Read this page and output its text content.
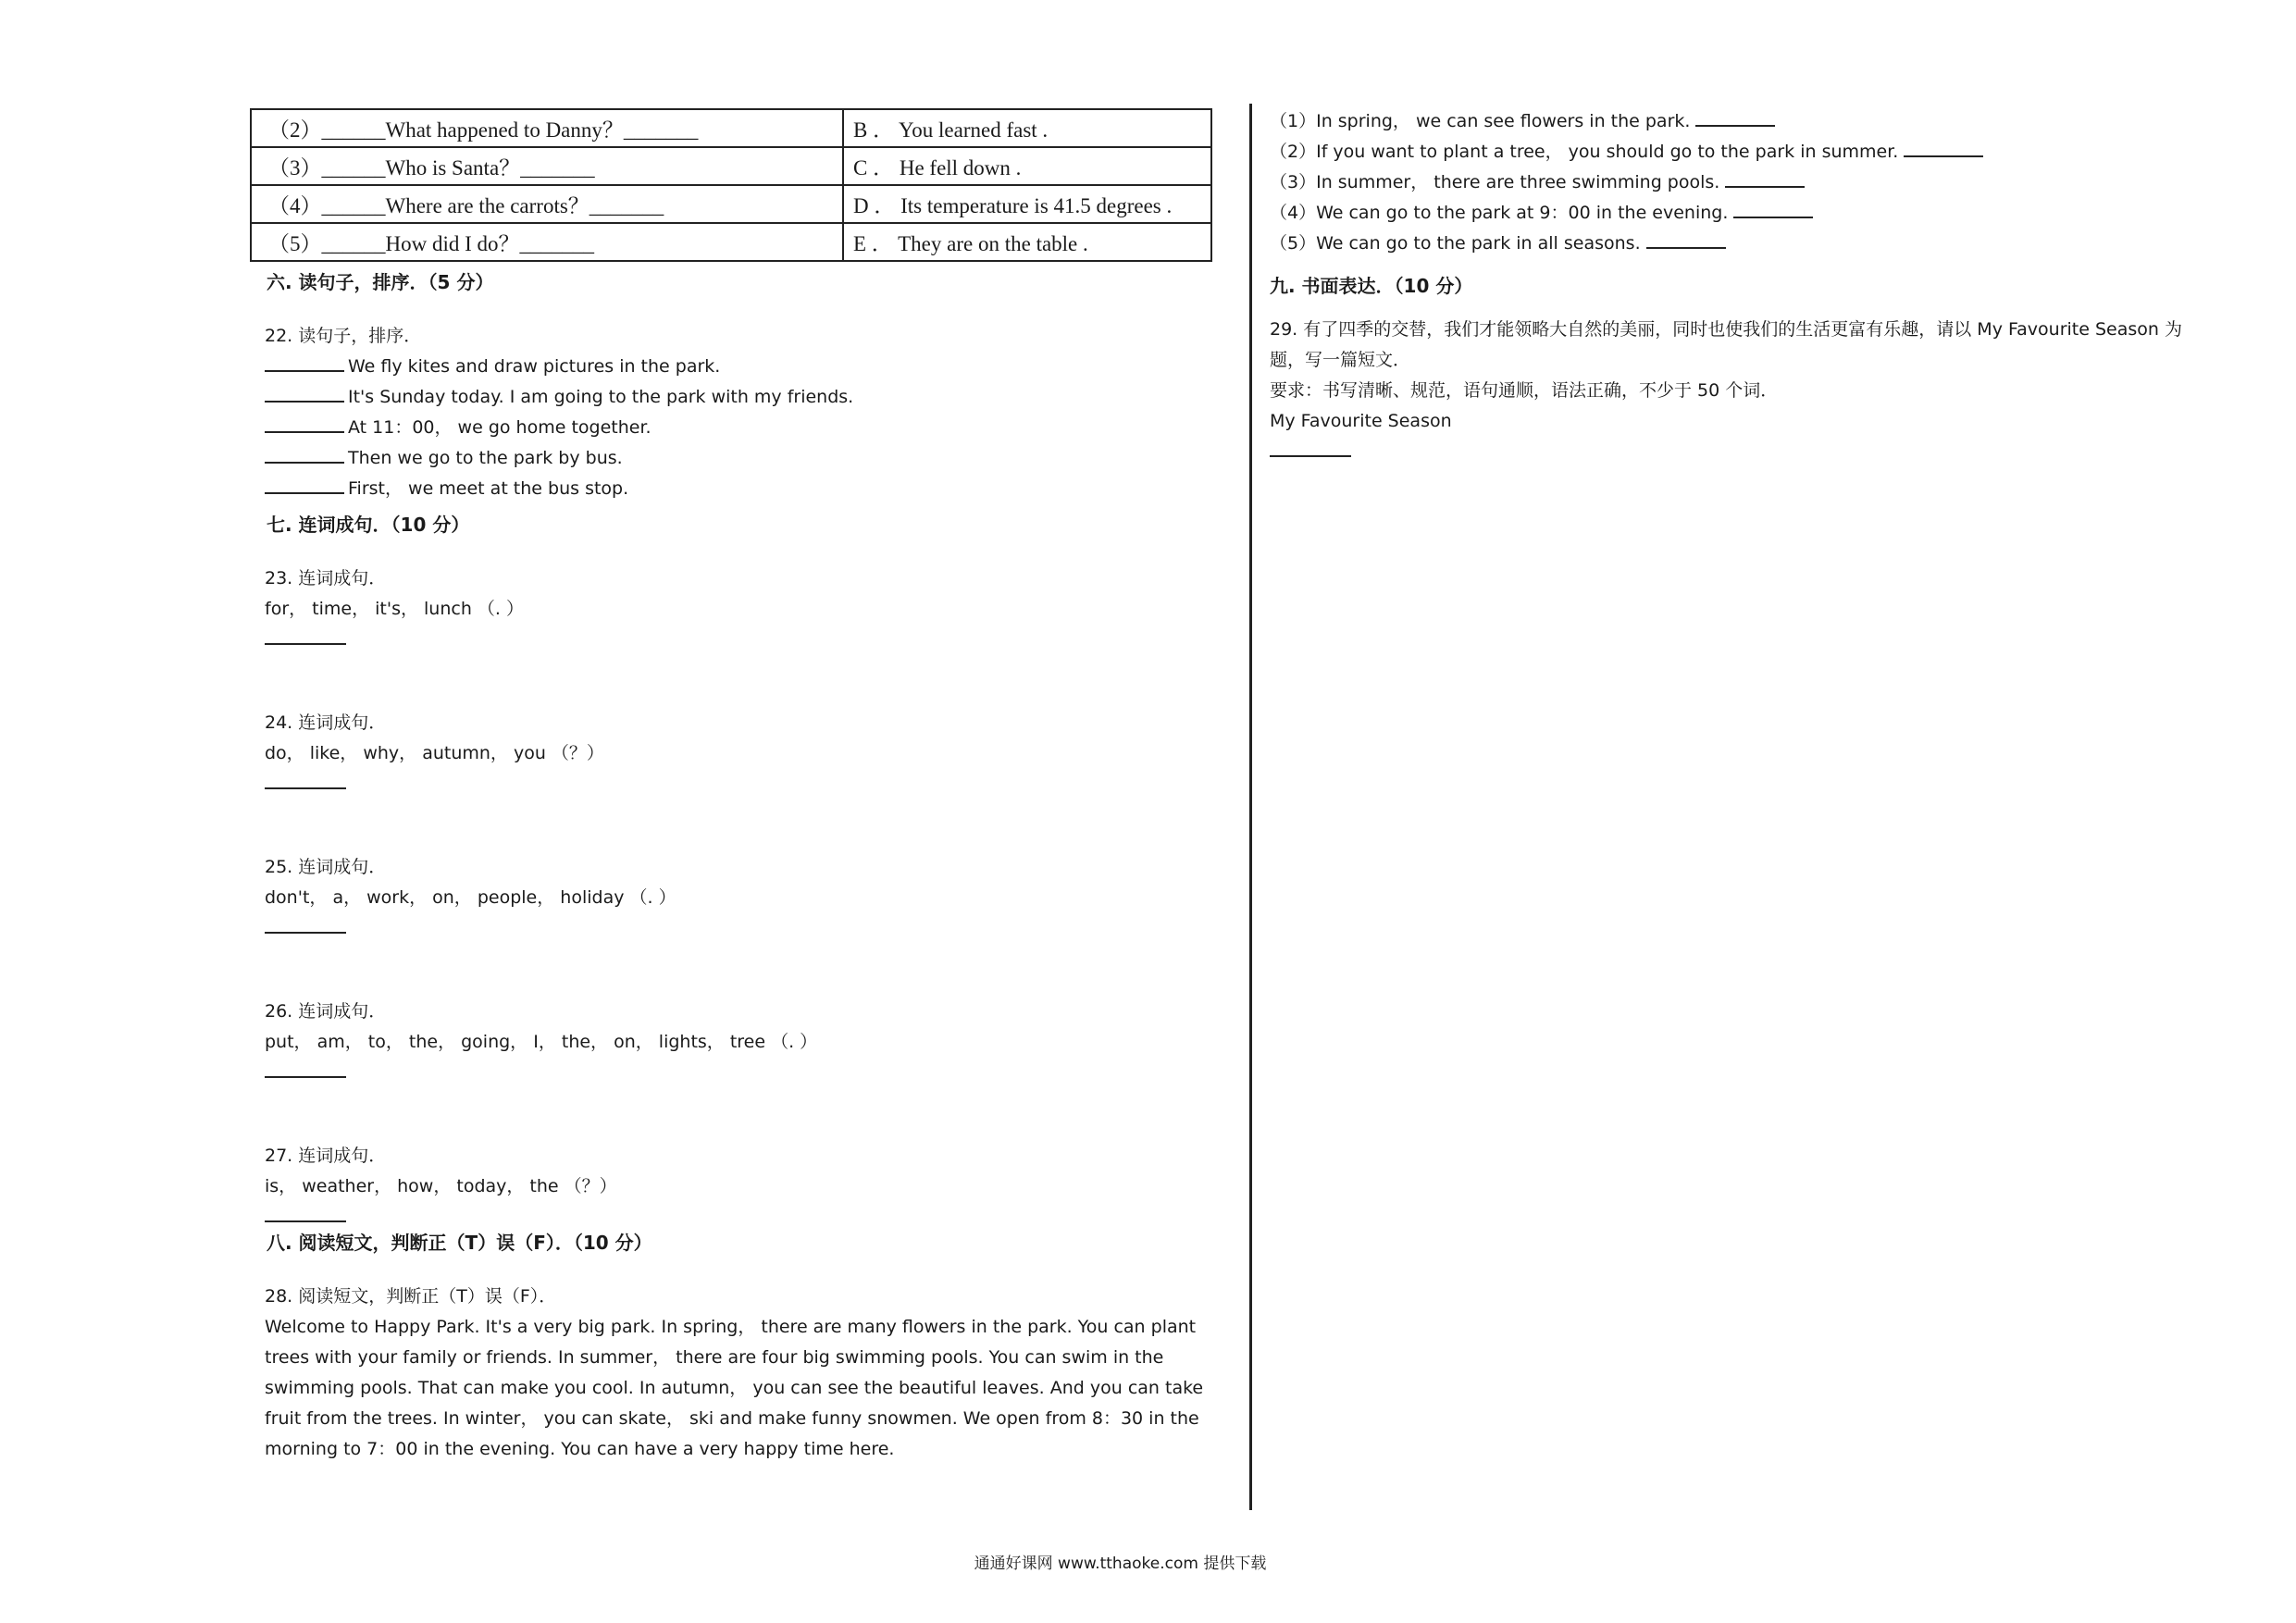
（2）______What happened to Danny？_______	B ． You learned fast .
（3）______Who is Santa？_______	C ． He fell down .
（4）______Where are the carrots？_______	D ． Its temperature is 41.5 degrees .
（5）______How did I do？_______	E ． They are on the table .
六. 读句子，排序．（5 分）
22. 读句子，排序．
We fly kites and draw pictures in the park.
It's Sunday today. I am going to the park with my friends.
At 11：00， we go home together.
Then we go to the park by bus.
First， we meet at the bus stop.
七. 连词成句．（10 分）
23. 连词成句．
for， time， it's， lunch （. ）
24. 连词成句．
do， like， why， autumn， you （？）
25. 连词成句．
don't， a， work， on， people， holiday （. ）
26. 连词成句．
put， am， to， the， going， I， the， on， lights， tree （. ）
27. 连词成句．
is， weather， how， today， the （？）
八. 阅读短文，判断正（T）误（F）．（10 分）
28. 阅读短文，判断正（T）误（F）．
Welcome to Happy Park. It's a very big park. In spring， there are many flowers in the park. You can plant trees with your family or friends. In summer， there are four big swimming pools. You can swim in the swimming pools. That can make you cool. In autumn， you can see the beautiful leaves. And you can take fruit from the trees. In winter， you can skate， ski and make funny snowmen. We open from 8：30 in the morning to 7：00 in the evening. You can have a very happy time here.
（1）In spring， we can see flowers in the park.
（2）If you want to plant a tree， you should go to the park in summer.
（3）In summer， there are three swimming pools.
（4）We can go to the park at 9：00 in the evening.
（5）We can go to the park in all seasons.
九. 书面表达．（10 分）
29. 有了四季的交替，我们才能领略大自然的美丽，同时也使我们的生活更富有乐趣，请以 My Favourite Season 为题，写一篇短文．
要求：书写清晰、规范，语句通顺，语法正确，不少于 50 个词．
My Favourite Season
通通好课网 www.tthaoke.com 提供下载
